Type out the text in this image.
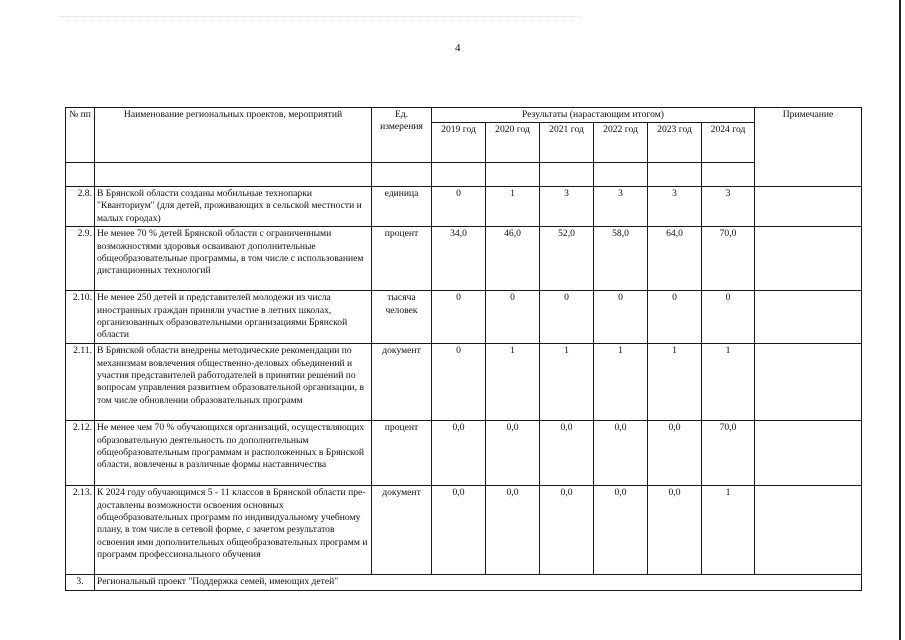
4
№ пп	Наименование региональных проектов, мероприятий	Ед. измерения	Результаты (нарастающим итогом)						Примечание
			2019 год	2020 год	2021 год	2022 год	2023 год	2024 год	

2.8.	В Брянской области созданы мобильные технопарки "Кванториум" (для детей, проживающих в сельской местности и малых городах)	единица	0	1	3	3	3	3	
2.9.	Не менее 70 % детей Брянской области с ограниченными возможностями здоровья осваивают дополнительные общеобразовательные программы, в том числе с использованием дистанционных технологий	процент	34,0	46,0	52,0	58,0	64,0	70,0	
2.10.	Не менее 250 детей и представителей молодежи из числа иностранных граждан приняли участие в летних школах, организованных образовательными организациями Брянской области	тысяча человек	0	0	0	0	0	0	
2.11.	В Брянской области внедрены методические рекомендации по механизмам вовлечения общественно-деловых объединений и участия представителей работодателей в принятии решений по вопросам управления развитием образовательной организации, в том числе обновлении образовательных программ	документ	0	1	1	1	1	1	
2.12.	Не менее чем 70 % обучающихся организаций, осуществляющих образовательную деятельность по дополнительным общеобразовательным программам и расположенных в Брянской области, вовлечены в различные формы наставничества	процент	0,0	0,0	0,0	0,0	0,0	70,0	
2.13.	К 2024 году обучающимся 5 - 11 классов в Брянской области пре-доставлены возможности освоения основных общеобразовательных программ по индивидуальному учебному плану, в том числе в сетевой форме, с зачетом результатов освоения ими дополнительных общеобразовательных программ и программ профессионального обучения	документ	0,0	0,0	0,0	0,0	0,0	1	
3.	Региональный проект "Поддержка семей, имеющих детей"								
